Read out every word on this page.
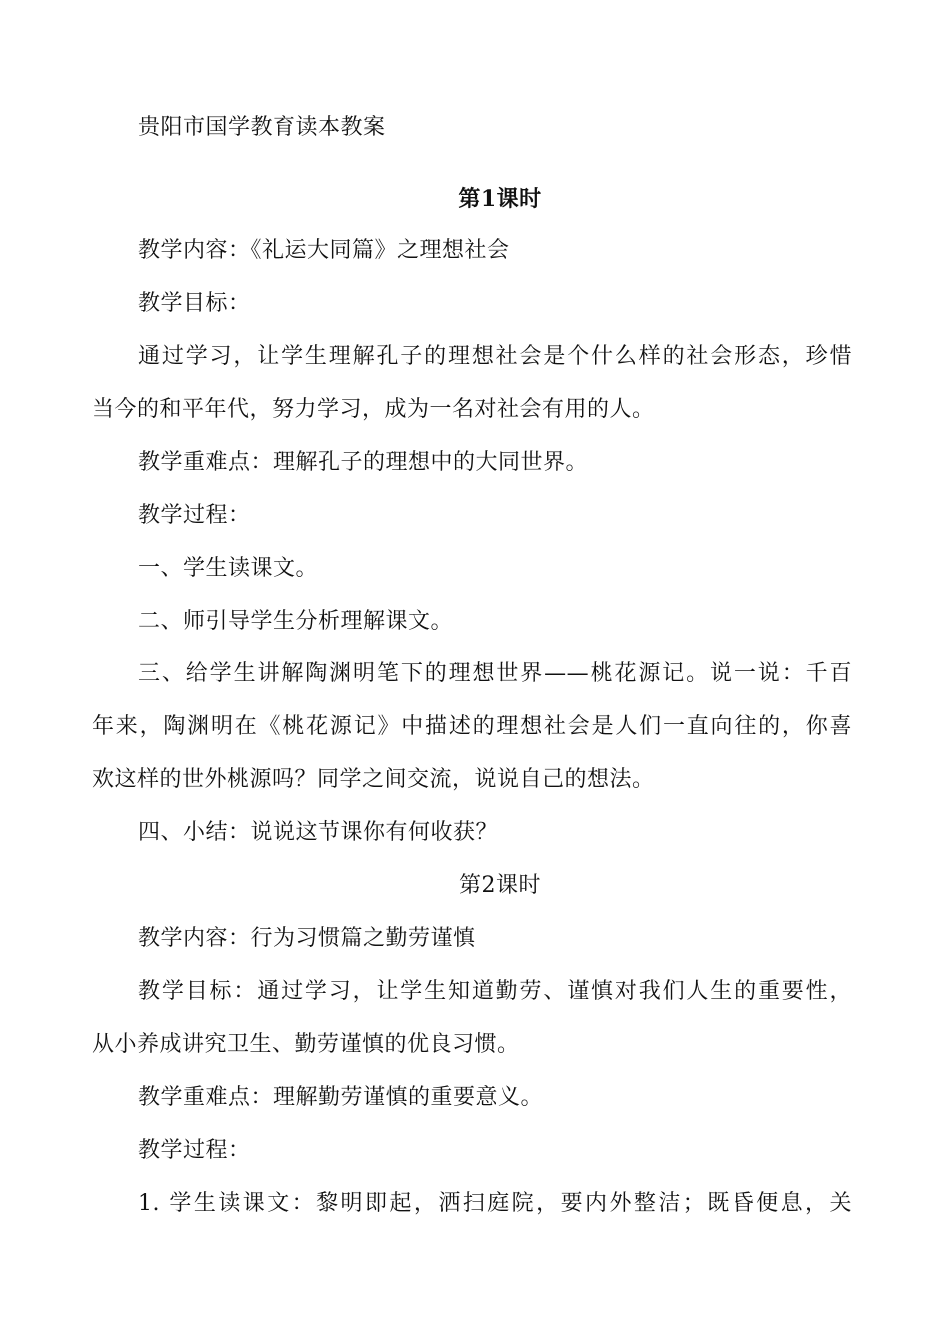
贵阳市国学教育读本教案
第1课时
教学内容：《礼运大同篇》之理想社会
教学目标：
通过学习，让学生理解孔子的理想社会是个什么样的社会形态，珍惜
当今的和平年代，努力学习，成为一名对社会有用的人。
教学重难点：理解孔子的理想中的大同世界。
教学过程：
一、学生读课文。
二、师引导学生分析理解课文。
三、给学生讲解陶渊明笔下的理想世界——桃花源记。说一说：千百
年来，陶渊明在《桃花源记》中描述的理想社会是人们一直向往的，你喜
欢这样的世外桃源吗？同学之间交流，说说自己的想法。
四、小结：说说这节课你有何收获？
第2课时
教学内容：行为习惯篇之勤劳谨慎
教学目标：通过学习，让学生知道勤劳、谨慎对我们人生的重要性，
从小养成讲究卫生、勤劳谨慎的优良习惯。
教学重难点：理解勤劳谨慎的重要意义。
教学过程：
1. 学生读课文：黎明即起，洒扫庭院，要内外整洁；既昏便息，关
